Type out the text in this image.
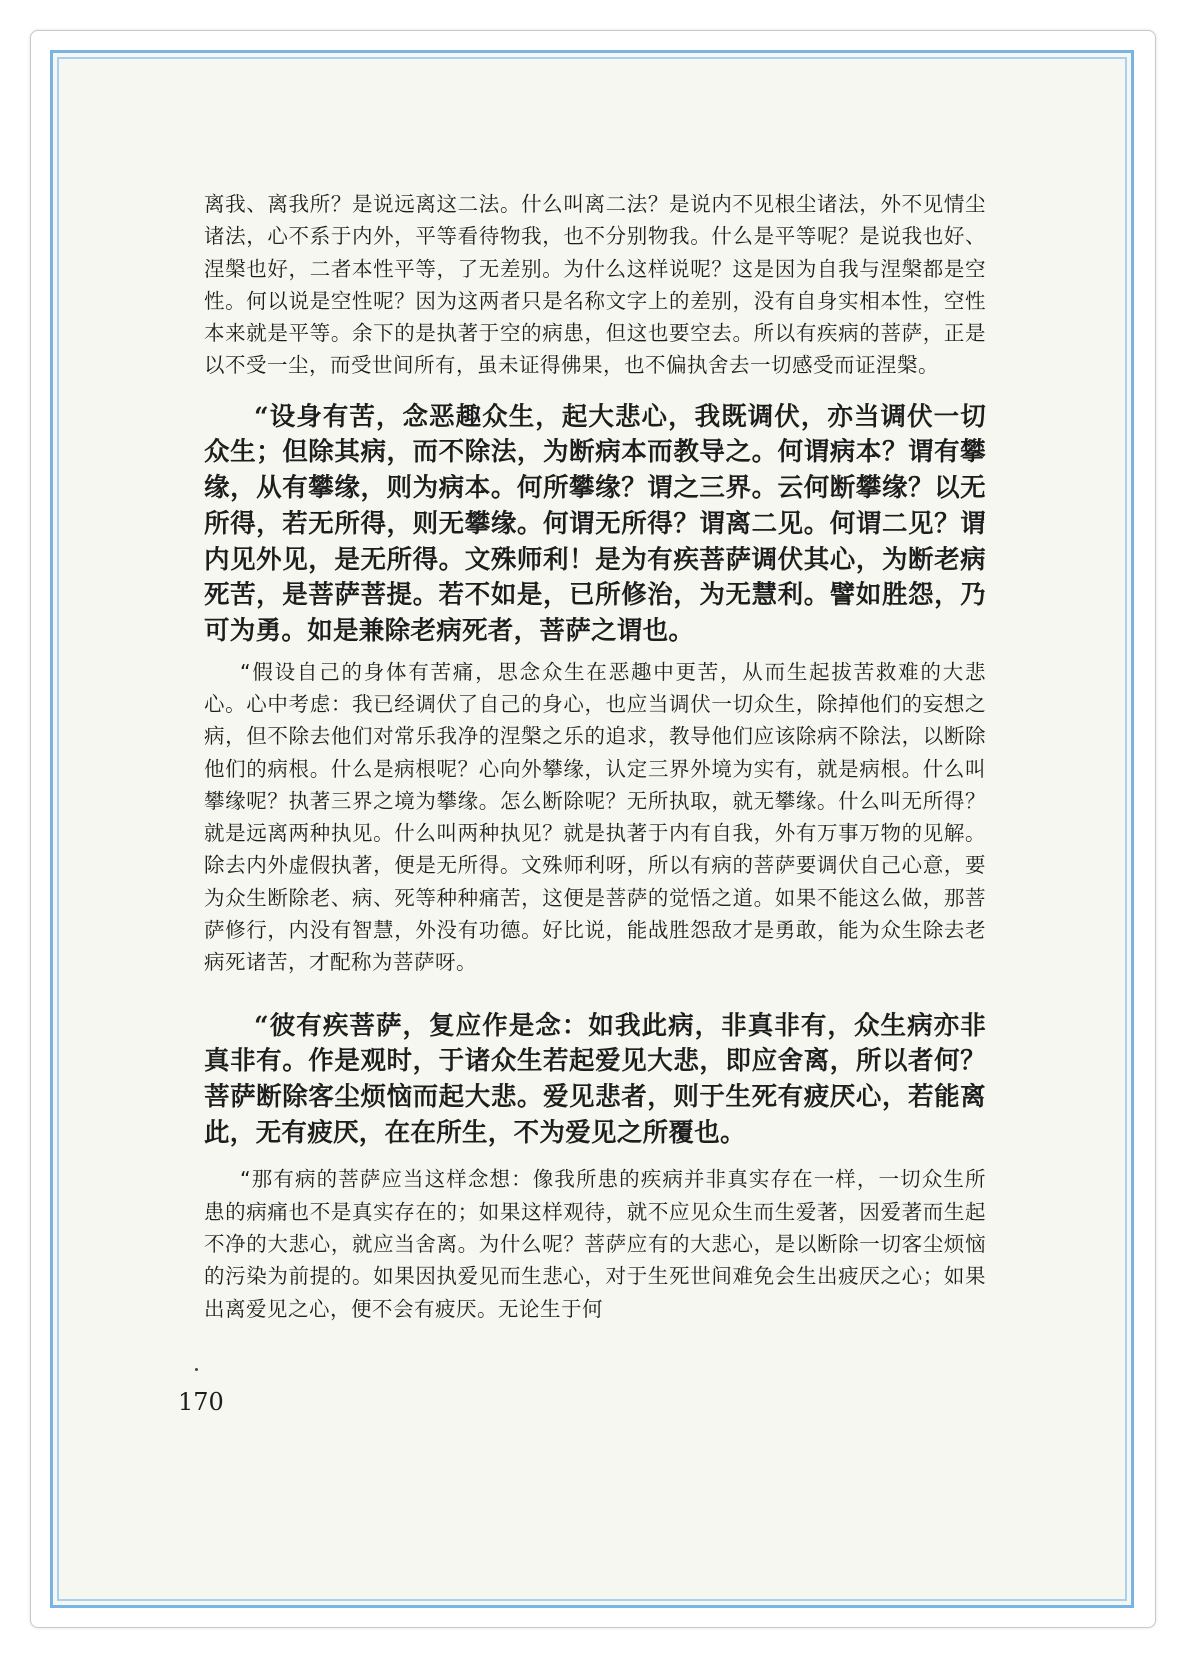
离我、离我所？是说远离这二法。什么叫离二法？是说内不见根尘诸法，外不见情尘诸法，心不系于内外，平等看待物我，也不分别物我。什么是平等呢？是说我也好、涅槃也好，二者本性平等，了无差别。为什么这样说呢？这是因为自我与涅槃都是空性。何以说是空性呢？因为这两者只是名称文字上的差别，没有自身实相本性，空性本来就是平等。余下的是执著于空的病患，但这也要空去。所以有疾病的菩萨，正是以不受一尘，而受世间所有，虽未证得佛果，也不偏执舍去一切感受而证涅槃。

“设身有苦，念恶趣众生，起大悲心，我既调伏，亦当调伏一切众生；但除其病，而不除法，为断病本而教导之。何谓病本？谓有攀缘，从有攀缘，则为病本。何所攀缘？谓之三界。云何断攀缘？以无所得，若无所得，则无攀缘。何谓无所得？谓离二见。何谓二见？谓内见外见，是无所得。文殊师利！是为有疾菩萨调伏其心，为断老病死苦，是菩萨菩提。若不如是，已所修治，为无慧利。譬如胜怨，乃可为勇。如是兼除老病死者，菩萨之谓也。

“假设自己的身体有苦痛，思念众生在恶趣中更苦，从而生起拔苦救难的大悲心。心中考虑：我已经调伏了自己的身心，也应当调伏一切众生，除掉他们的妄想之病，但不除去他们对常乐我净的涅槃之乐的追求，教导他们应该除病不除法，以断除他们的病根。什么是病根呢？心向外攀缘，认定三界外境为实有，就是病根。什么叫攀缘呢？执著三界之境为攀缘。怎么断除呢？无所执取，就无攀缘。什么叫无所得？就是远离两种执见。什么叫两种执见？就是执著于内有自我，外有万事万物的见解。除去内外虚假执著，便是无所得。文殊师利呀，所以有病的菩萨要调伏自己心意，要为众生断除老、病、死等种种痛苦，这便是菩萨的觉悟之道。如果不能这么做，那菩萨修行，内没有智慧，外没有功德。好比说，能战胜怨敌才是勇敢，能为众生除去老病死诸苦，才配称为菩萨呀。

“彼有疾菩萨，复应作是念：如我此病，非真非有，众生病亦非真非有。作是观时，于诸众生若起爱见大悲，即应舍离，所以者何？菩萨断除客尘烦恼而起大悲。爱见悲者，则于生死有疲厌心，若能离此，无有疲厌，在在所生，不为爱见之所覆也。

“那有病的菩萨应当这样念想：像我所患的疾病并非真实存在一样，一切众生所患的病痛也不是真实存在的；如果这样观待，就不应见众生而生爱著，因爱著而生起不净的大悲心，就应当舍离。为什么呢？菩萨应有的大悲心，是以断除一切客尘烦恼的污染为前提的。如果因执爱见而生悲心，对于生死世间难免会生出疲厌之心；如果出离爱见之心，便不会有疲厌。无论生于何

170
